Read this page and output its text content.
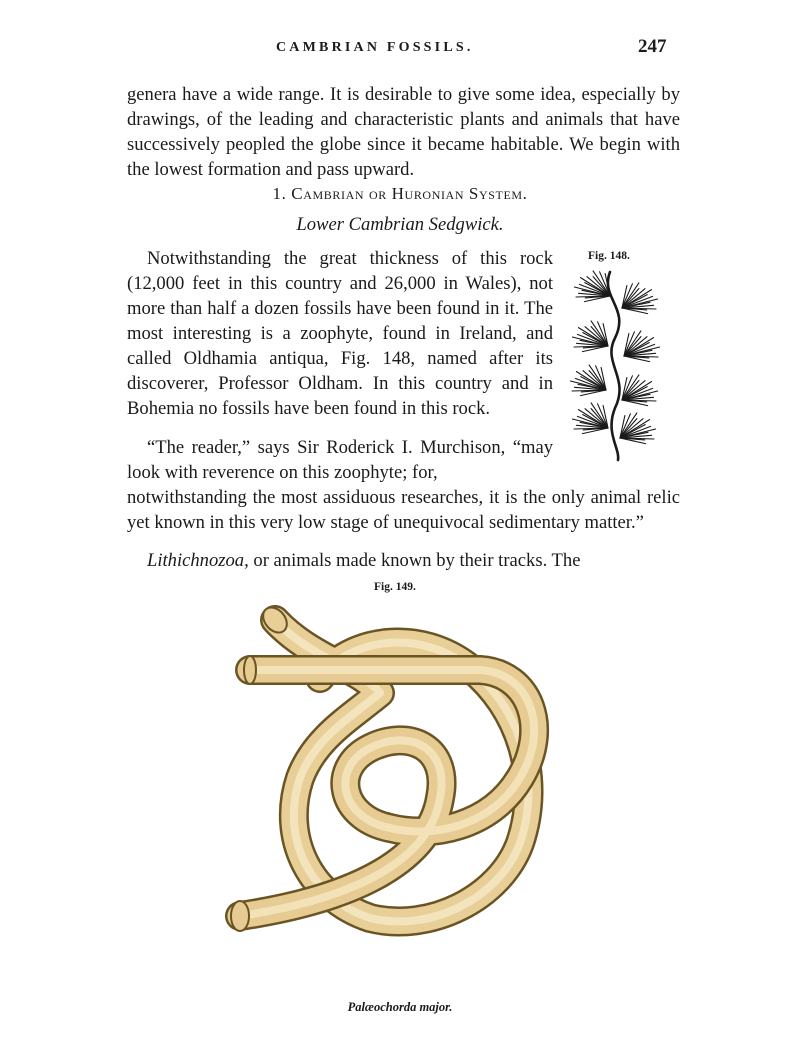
CAMBRIAN FOSSILS.	247

genera have a wide range. It is desirable to give some idea, especially by drawings, of the leading and characteristic plants and animals that have successively peopled the globe since it became habitable. We begin with the lowest formation and pass upward.

1. Cambrian or Huronian System.
Lower Cambrian Sedgwick.

Notwithstanding the great thickness of this rock (12,000 feet in this country and 26,000 in Wales), not more than half a dozen fossils have been found in it. The most interesting is a zoophyte, found in Ireland, and called Oldhamia antiqua, Fig. 148, named after its discoverer, Professor Oldham. In this country and in Bohemia no fossils have been found in this rock.

Fig. 148.

“The reader,” says Sir Roderick I. Murchison, “may look with reverence on this zoophyte; for,
notwithstanding the most assiduous researches, it is the only animal relic yet known in this very low stage of unequivocal sedimentary matter.”

Lithichnozoa, or animals made known by their tracks. The
Fig. 149.
Palæochorda major.
